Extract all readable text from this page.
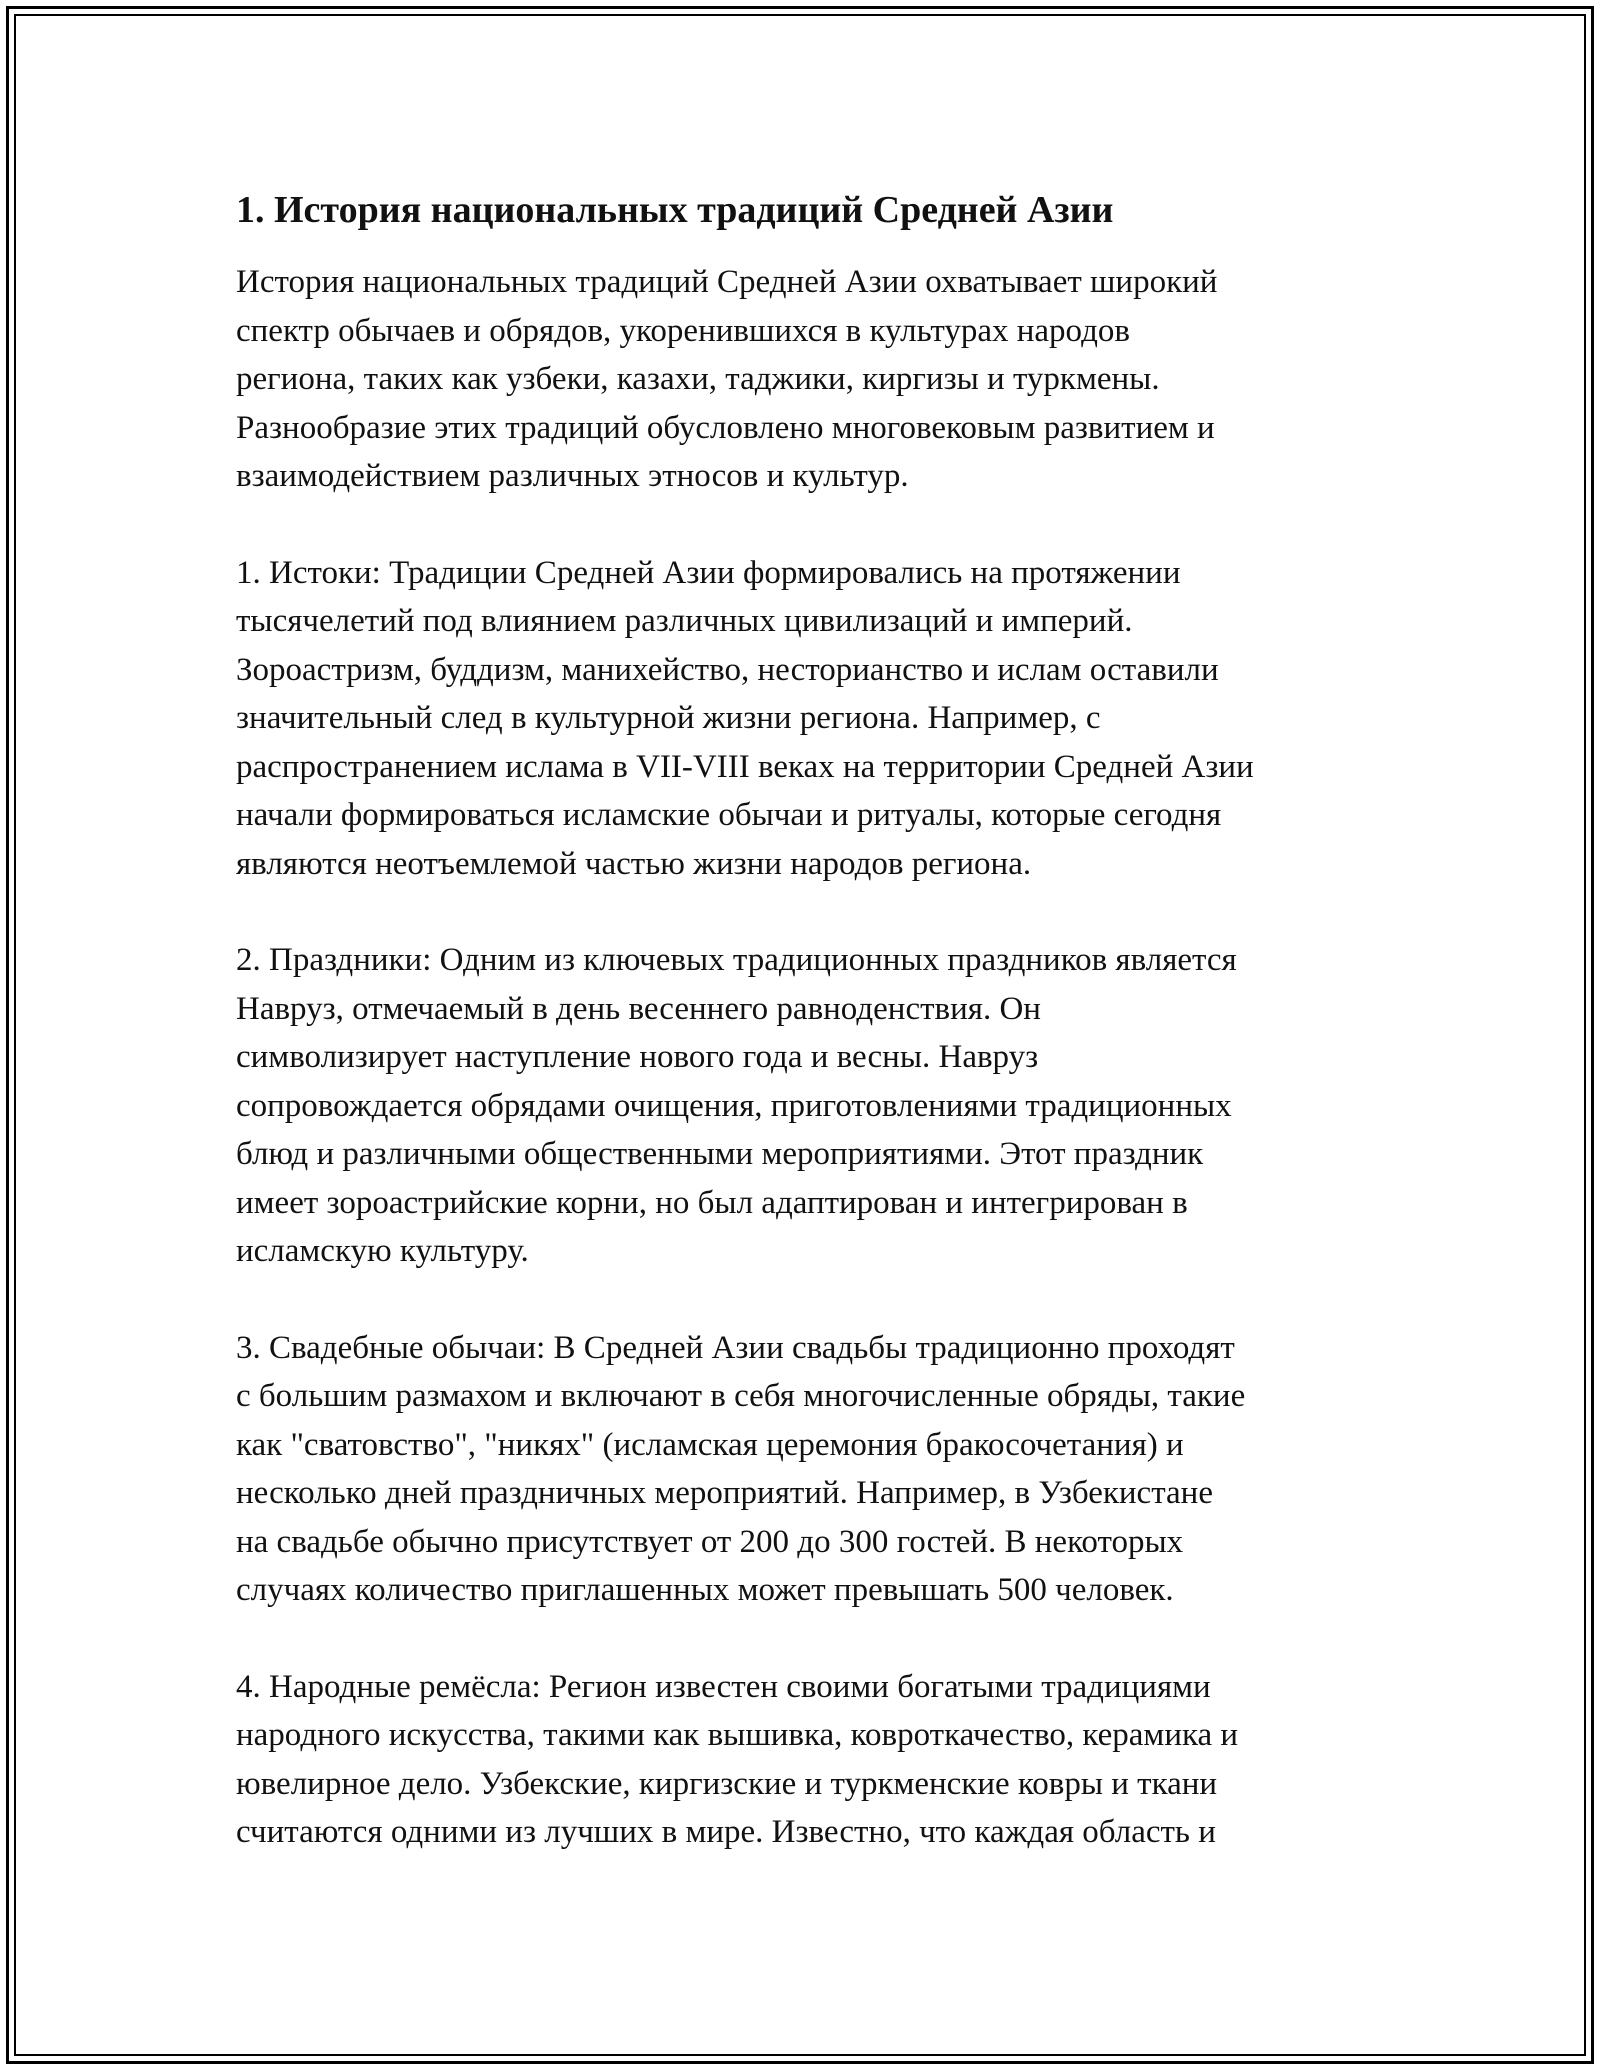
1. История национальных традиций Средней Азии

История национальных традиций Средней Азии охватывает широкий
спектр обычаев и обрядов, укоренившихся в культурах народов
региона, таких как узбеки, казахи, таджики, киргизы и туркмены.
Разнообразие этих традиций обусловлено многовековым развитием и
взаимодействием различных этносов и культур.

1. Истоки: Традиции Средней Азии формировались на протяжении
тысячелетий под влиянием различных цивилизаций и империй.
Зороастризм, буддизм, манихейство, несторианство и ислам оставили
значительный след в культурной жизни региона. Например, с
распространением ислама в VII-VIII веках на территории Средней Азии
начали формироваться исламские обычаи и ритуалы, которые сегодня
являются неотъемлемой частью жизни народов региона.

2. Праздники: Одним из ключевых традиционных праздников является
Навруз, отмечаемый в день весеннего равноденствия. Он
символизирует наступление нового года и весны. Навруз
сопровождается обрядами очищения, приготовлениями традиционных
блюд и различными общественными мероприятиями. Этот праздник
имеет зороастрийские корни, но был адаптирован и интегрирован в
исламскую культуру.

3. Свадебные обычаи: В Средней Азии свадьбы традиционно проходят
с большим размахом и включают в себя многочисленные обряды, такие
как "сватовство", "никях" (исламская церемония бракосочетания) и
несколько дней праздничных мероприятий. Например, в Узбекистане
на свадьбе обычно присутствует от 200 до 300 гостей. В некоторых
случаях количество приглашенных может превышать 500 человек.

4. Народные ремёсла: Регион известен своими богатыми традициями
народного искусства, такими как вышивка, ковроткачество, керамика и
ювелирное дело. Узбекские, киргизские и туркменские ковры и ткани
считаются одними из лучших в мире. Известно, что каждая область и
